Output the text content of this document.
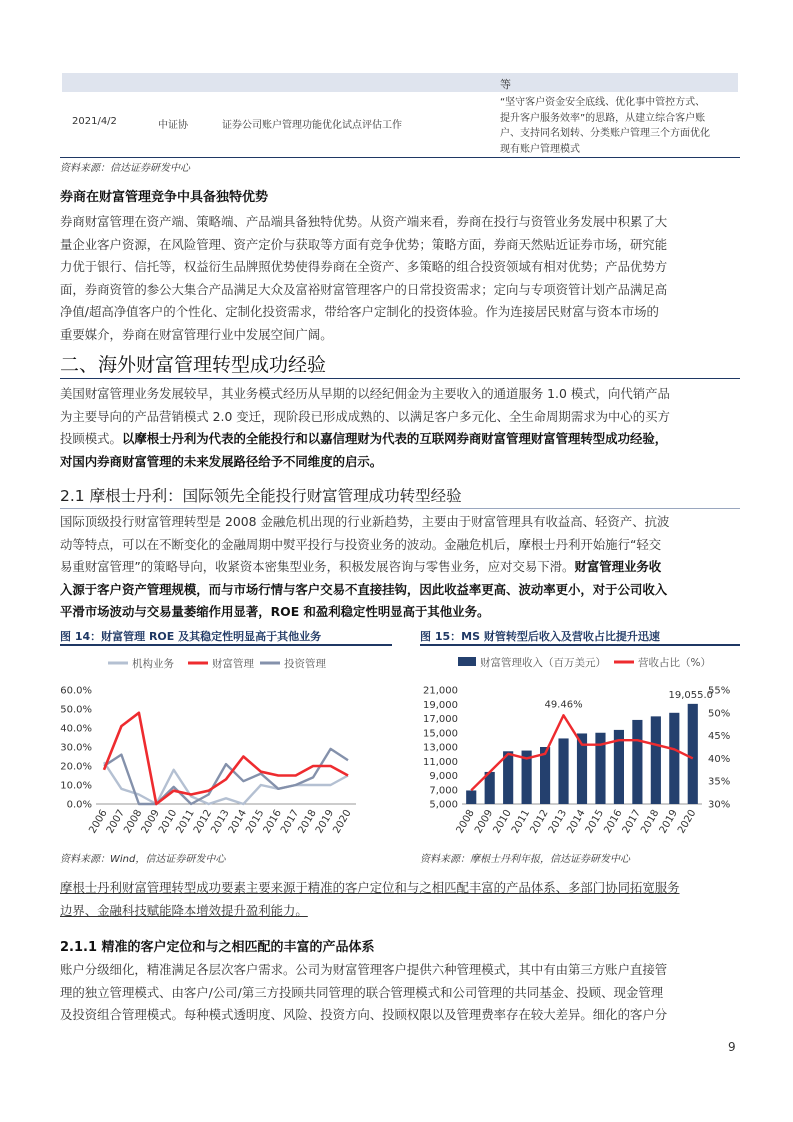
等
2021/4/2	中证协	证券公司账户管理功能优化试点评估工作
“坚守客户资金安全底线、优化事中管控方式、
提升客户服务效率”的思路，从建立综合客户账
户、支持同名划转、分类账户管理三个方面优化
现有账户管理模式
资料来源：信达证券研发中心
券商在财富管理竞争中具备独特优势
券商财富管理在资产端、策略端、产品端具备独特优势。从资产端来看，券商在投行与资管业务发展中积累了大
量企业客户资源，在风险管理、资产定价与获取等方面有竞争优势；策略方面，券商天然贴近证券市场，研究能
力优于银行、信托等，权益衍生品牌照优势使得券商在全资产、多策略的组合投资领域有相对优势；产品优势方
面，券商资管的参公大集合产品满足大众及富裕财富管理客户的日常投资需求；定向与专项资管计划产品满足高
净值/超高净值客户的个性化、定制化投资需求，带给客户定制化的投资体验。作为连接居民财富与资本市场的
重要媒介，券商在财富管理行业中发展空间广阔。
二、海外财富管理转型成功经验
美国财富管理业务发展较早，其业务模式经历从早期的以经纪佣金为主要收入的通道服务 1.0 模式，向代销产品
为主要导向的产品营销模式 2.0 变迁，现阶段已形成成熟的、以满足客户多元化、全生命周期需求为中心的买方
投顾模式。以摩根士丹利为代表的全能投行和以嘉信理财为代表的互联网券商财富管理财富管理转型成功经验，
对国内券商财富管理的未来发展路径给予不同维度的启示。
2.1 摩根士丹利：国际领先全能投行财富管理成功转型经验
国际顶级投行财富管理转型是 2008 金融危机出现的行业新趋势，主要由于财富管理具有收益高、轻资产、抗波
动等特点，可以在不断变化的金融周期中熨平投行与投资业务的波动。金融危机后，摩根士丹利开始施行“轻交
易重财富管理”的策略导向，收紧资本密集型业务，积极发展咨询与零售业务，应对交易下滑。财富管理业务收
入源于客户资产管理规模，而与市场行情与客户交易不直接挂钩，因此收益率更高、波动率更小，对于公司收入
平滑市场波动与交易量萎缩作用显著，ROE 和盈利稳定性明显高于其他业务。
图 14：财富管理 ROE 及其稳定性明显高于其他业务
机构业务	财富管理	投资管理
60.0%
50.0%
40.0%
30.0%
20.0%
10.0%
0.0%
2006
2007
2008
2009
2010
2011
2012
2013
2014
2015
2016
2017
2018
2019
2020
资料来源：Wind，信达证券研发中心
图 15：MS 财管转型后收入及营收占比提升迅速
财富管理收入（百万美元）	营收占比（%）
21,000
19,000
17,000
15,000
13,000
11,000
9,000
7,000
5,000
55%
50%
45%
40%
35%
30%
2008
2009
2010
2011
2012
2013
2014
2015
2016
2017
2018
2019
2020
49.46%
19,055.0
资料来源：摩根士丹利年报，信达证券研发中心
摩根士丹利财富管理转型成功要素主要来源于精准的客户定位和与之相匹配丰富的产品体系、多部门协同拓宽服务
边界、金融科技赋能降本增效提升盈利能力。
2.1.1 精准的客户定位和与之相匹配的丰富的产品体系
账户分级细化，精准满足各层次客户需求。公司为财富管理客户提供六种管理模式，其中有由第三方账户直接管
理的独立管理模式、由客户/公司/第三方投顾共同管理的联合管理模式和公司管理的共同基金、投顾、现金管理
及投资组合管理模式。每种模式透明度、风险、投资方向、投顾权限以及管理费率存在较大差异。细化的客户分
9
